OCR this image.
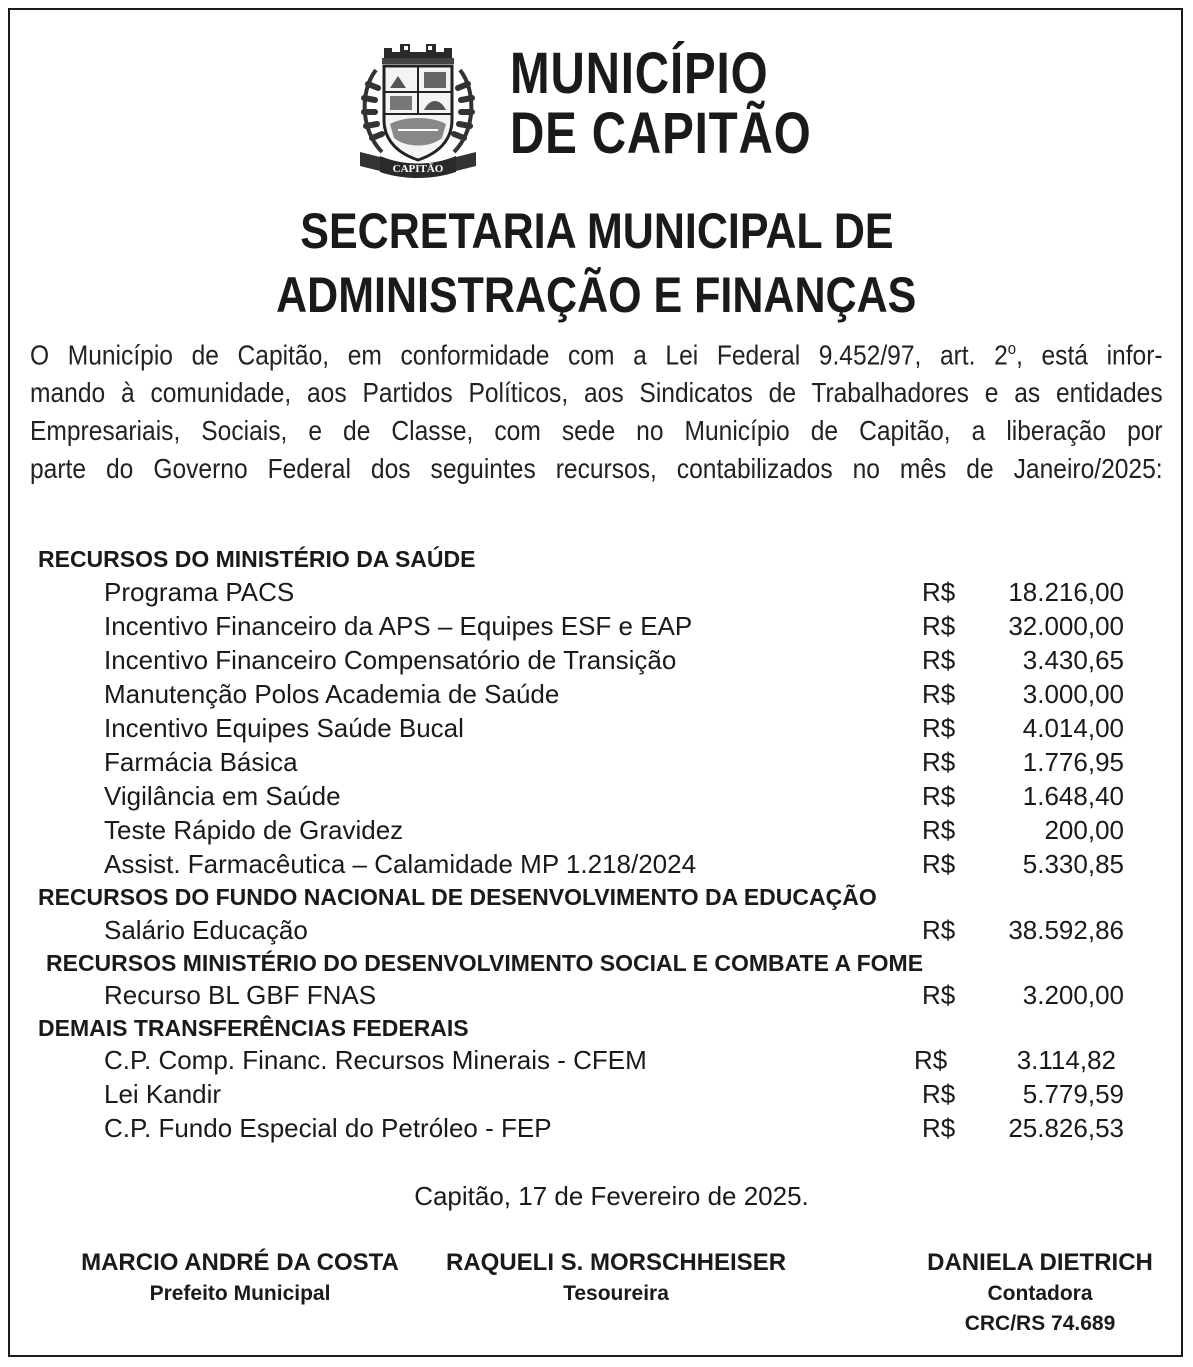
CAPITÃO
MUNICÍPIO
DE CAPITÃO
SECRETARIA MUNICIPAL DE
ADMINISTRAÇÃO E FINANÇAS
O Município de Capitão, em conformidade com a Lei Federal 9.452/97, art. 2$^o$, está infor-
mando à comunidade, aos Partidos Políticos, aos Sindicatos de Trabalhadores e as entidades
Empresariais, Sociais, e de Classe, com sede no Município de Capitão, a liberação por
parte do Governo Federal dos seguintes recursos, contabilizados no mês de Janeiro/2025:
RECURSOS DO MINISTÉRIO DA SAÚDE
Programa PACS	R$	18.216,00
Incentivo Financeiro da APS – Equipes ESF e EAP	R$	32.000,00
Incentivo Financeiro Compensatório de Transição	R$	3.430,65
Manutenção Polos Academia de Saúde	R$	3.000,00
Incentivo Equipes Saúde Bucal	R$	4.014,00
Farmácia Básica	R$	1.776,95
Vigilância em Saúde	R$	1.648,40
Teste Rápido de Gravidez	R$	200,00
Assist. Farmacêutica – Calamidade MP 1.218/2024	R$	5.330,85
RECURSOS DO FUNDO NACIONAL DE DESENVOLVIMENTO DA EDUCAÇÃO
Salário Educação	R$	38.592,86
RECURSOS MINISTÉRIO DO DESENVOLVIMENTO SOCIAL E COMBATE A FOME
Recurso BL GBF FNAS	R$	3.200,00
DEMAIS TRANSFERÊNCIAS FEDERAIS
C.P. Comp. Financ. Recursos Minerais - CFEM	R$	3.114,82
Lei Kandir	R$	5.779,59
C.P. Fundo Especial do Petróleo - FEP	R$	25.826,53
Capitão, 17 de Fevereiro de 2025.
MARCIO ANDRÉ DA COSTA
Prefeito Municipal
RAQUELI S. MORSCHHEISER
Tesoureira
DANIELA DIETRICH
Contadora
CRC/RS 74.689
